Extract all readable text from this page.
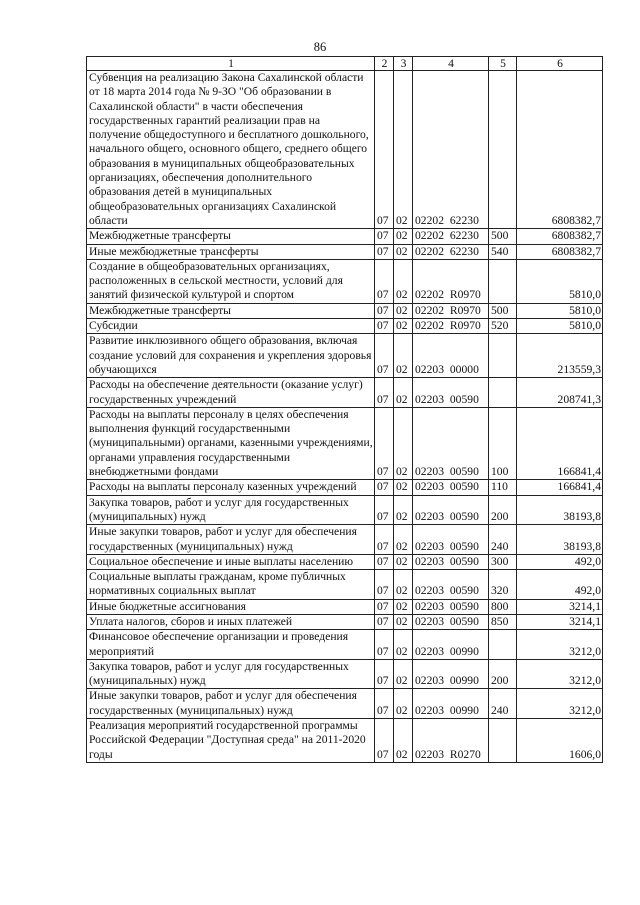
86
1	2	3	4	5	6
Субвенция на реализацию Закона Сахалинской области от 18 марта 2014 года № 9-ЗО "Об образовании в Сахалинской области" в части обеспечения государственных гарантий реализации прав на получение общедоступного и бесплатного дошкольного, начального общего, основного общего, среднего общего образования в муниципальных общеобразовательных организациях, обеспечения дополнительного образования детей в муниципальных общеобразовательных организациях Сахалинской области	07	02	02202 62230		6808382,7
Межбюджетные трансферты	07	02	02202 62230	500	6808382,7
Иные межбюджетные трансферты	07	02	02202 62230	540	6808382,7
Создание в общеобразовательных организациях, расположенных в сельской местности, условий для занятий физической культурой и спортом	07	02	02202 R0970		5810,0
Межбюджетные трансферты	07	02	02202 R0970	500	5810,0
Субсидии	07	02	02202 R0970	520	5810,0
Развитие инклюзивного общего образования, включая создание условий для сохранения и укрепления здоровья обучающихся	07	02	02203 00000		213559,3
Расходы на обеспечение деятельности (оказание услуг) государственных учреждений	07	02	02203 00590		208741,3
Расходы на выплаты персоналу в целях обеспечения выполнения функций государственными (муниципальными) органами, казенными учреждениями, органами управления государственными внебюджетными фондами	07	02	02203 00590	100	166841,4
Расходы на выплаты персоналу казенных учреждений	07	02	02203 00590	110	166841,4
Закупка товаров, работ и услуг для государственных (муниципальных) нужд	07	02	02203 00590	200	38193,8
Иные закупки товаров, работ и услуг для обеспечения государственных (муниципальных) нужд	07	02	02203 00590	240	38193,8
Социальное обеспечение и иные выплаты населению	07	02	02203 00590	300	492,0
Социальные выплаты гражданам, кроме публичных нормативных социальных выплат	07	02	02203 00590	320	492,0
Иные бюджетные ассигнования	07	02	02203 00590	800	3214,1
Уплата налогов, сборов и иных платежей	07	02	02203 00590	850	3214,1
Финансовое обеспечение организации и проведения мероприятий	07	02	02203 00990		3212,0
Закупка товаров, работ и услуг для государственных (муниципальных) нужд	07	02	02203 00990	200	3212,0
Иные закупки товаров, работ и услуг для обеспечения государственных (муниципальных) нужд	07	02	02203 00990	240	3212,0
Реализация мероприятий государственной программы Российской Федерации "Доступная среда" на 2011-2020 годы	07	02	02203 R0270		1606,0
